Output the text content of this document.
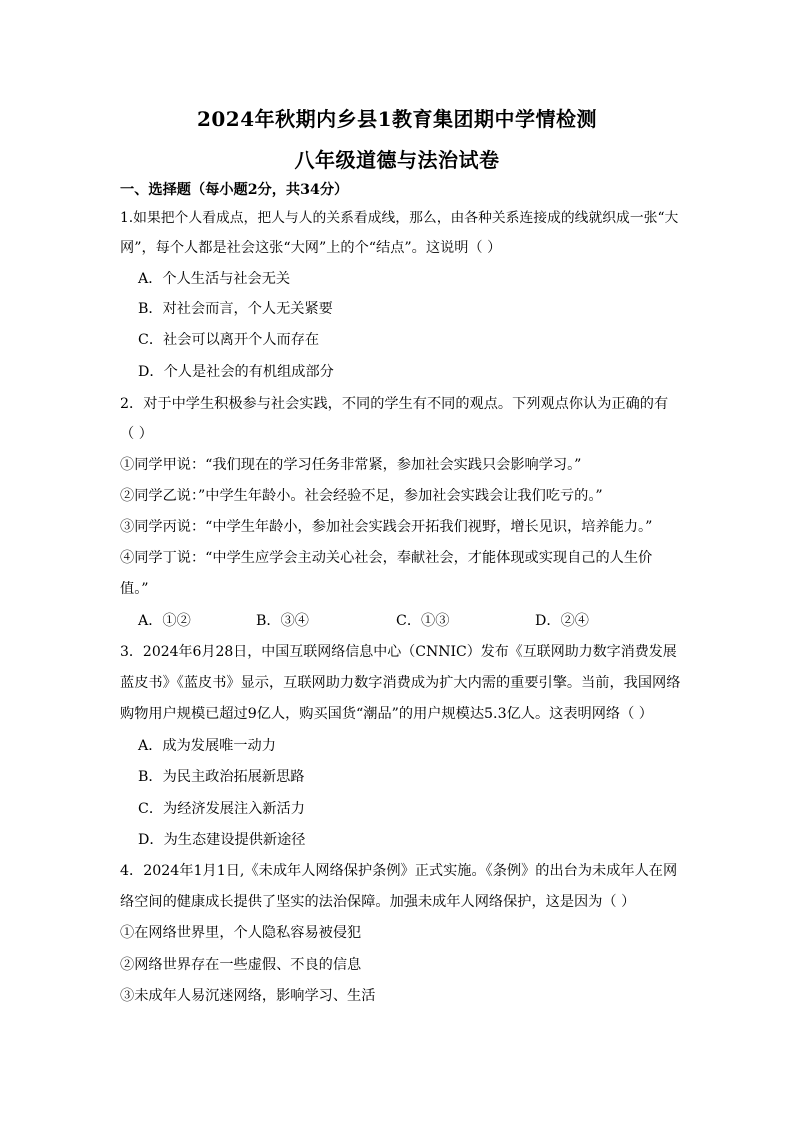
2024年秋期内乡县1教育集团期中学情检测
八年级道德与法治试卷
一、选择题（每小题2分，共34分）
1.如果把个人看成点，把人与人的关系看成线，那么，由各种关系连接成的线就织成一张“大
网”，每个人都是社会这张“大网”上的个“结点”。这说明（ ）
A．个人生活与社会无关
B．对社会而言，个人无关紧要
C．社会可以离开个人而存在
D．个人是社会的有机组成部分
2．对于中学生积极参与社会实践，不同的学生有不同的观点。下列观点你认为正确的有
（ ）
①同学甲说：“我们现在的学习任务非常紧，参加社会实践只会影响学习。”
②同学乙说：”中学生年龄小。社会经验不足，参加社会实践会让我们吃亏的。”
③同学丙说：“中学生年龄小，参加社会实践会开拓我们视野，增长见识，培养能力。”
④同学丁说：“中学生应学会主动关心社会，奉献社会，才能体现或实现自己的人生价
值。”
A．①②	B．③④	C．①③	D．②④
3．2024年6月28日，中国互联网络信息中心（CNNIC）发布《互联网助力数字消费发展
蓝皮书》《蓝皮书》显示，互联网助力数字消费成为扩大内需的重要引擎。当前，我国网络
购物用户规模已超过9亿人，购买国货“潮品”的用户规模达5.3亿人。这表明网络（ ）
A．成为发展唯一动力
B．为民主政治拓展新思路
C．为经济发展注入新活力
D．为生态建设提供新途径
4．2024年1月1日,《未成年人网络保护条例》正式实施。《条例》的出台为未成年人在网
络空间的健康成长提供了坚实的法治保障。加强未成年人网络保护，这是因为（ ）
①在网络世界里，个人隐私容易被侵犯
②网络世界存在一些虚假、不良的信息
③未成年人易沉迷网络，影响学习、生活
